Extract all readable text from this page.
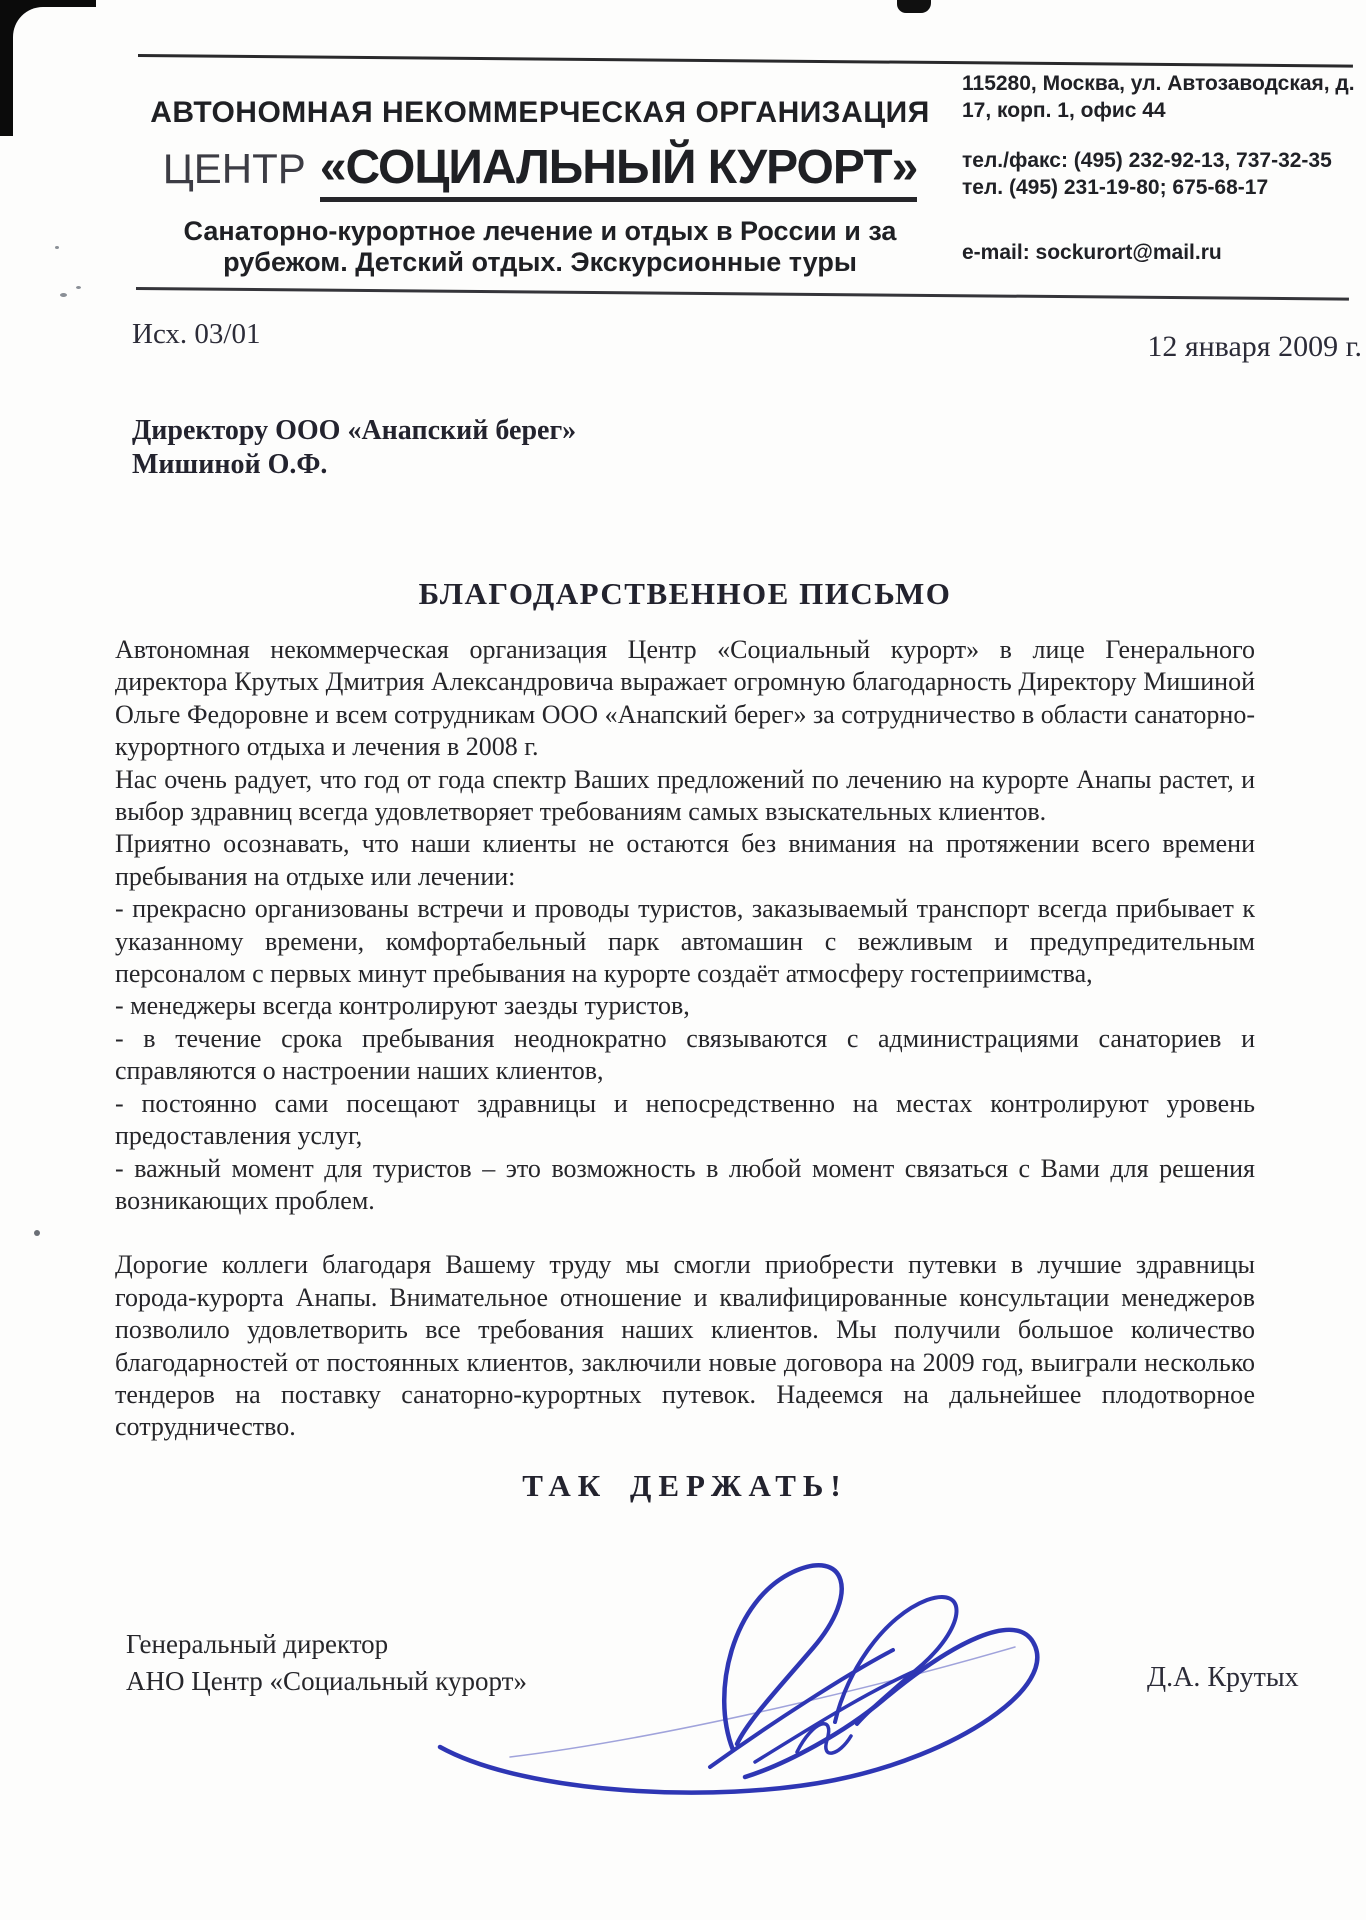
АВТОНОМНАЯ НЕКОММЕРЧЕСКАЯ ОРГАНИЗАЦИЯ
ЦЕНТР «СОЦИАЛЬНЫЙ КУРОРТ»
Санаторно-курортное лечение и отдых в России и за
рубежом. Детский отдых. Экскурсионные туры
115280, Москва, ул. Автозаводская, д.
17, корп. 1, офис 44
тел./факс: (495) 232-92-13, 737-32-35
тел. (495) 231-19-80; 675-68-17
e-mail: sockurort@mail.ru
Исх. 03/01	12 января 2009 г.
Директору ООО «Анапский берег»
Мишиной О.Ф.
БЛАГОДАРСТВЕННОЕ ПИСЬМО

Автономная некоммерческая организация Центр «Социальный курорт» в лице Генерального директора Крутых Дмитрия Александровича выражает огромную благодарность Директору Мишиной Ольге Федоровне и всем сотрудникам ООО «Анапский берег» за сотрудничество в области санаторно-курортного отдыха и лечения в 2008 г.

Нас очень радует, что год от года спектр Ваших предложений по лечению на курорте Анапы растет, и выбор здравниц всегда удовлетворяет требованиям самых взыскательных клиентов.

Приятно осознавать, что наши клиенты не остаются без внимания на протяжении всего времени пребывания на отдыхе или лечении:

- прекрасно организованы встречи и проводы туристов, заказываемый транспорт всегда прибывает к указанному времени, комфортабельный парк автомашин с вежливым и предупредительным персоналом с первых минут пребывания на курорте создаёт атмосферу гостеприимства,

- менеджеры всегда контролируют заезды туристов,

- в течение срока пребывания неоднократно связываются с администрациями санаториев и справляются о настроении наших клиентов,

- постоянно сами посещают здравницы и непосредственно на местах контролируют уровень предоставления услуг,

- важный момент для туристов – это возможность в любой момент связаться с Вами для решения возникающих проблем.

Дорогие коллеги благодаря Вашему труду мы смогли приобрести путевки в лучшие здравницы города-курорта Анапы. Внимательное отношение и квалифицированные консультации менеджеров позволило удовлетворить все требования наших клиентов. Мы получили большое количество благодарностей от постоянных клиентов, заключили новые договора на 2009 год, выиграли несколько тендеров на поставку санаторно-курортных путевок. Надеемся на дальнейшее плодотворное сотрудничество.

ТАК ДЕРЖАТЬ!
Генеральный директор
АНО Центр «Социальный курорт»	Д.А. Крутых
